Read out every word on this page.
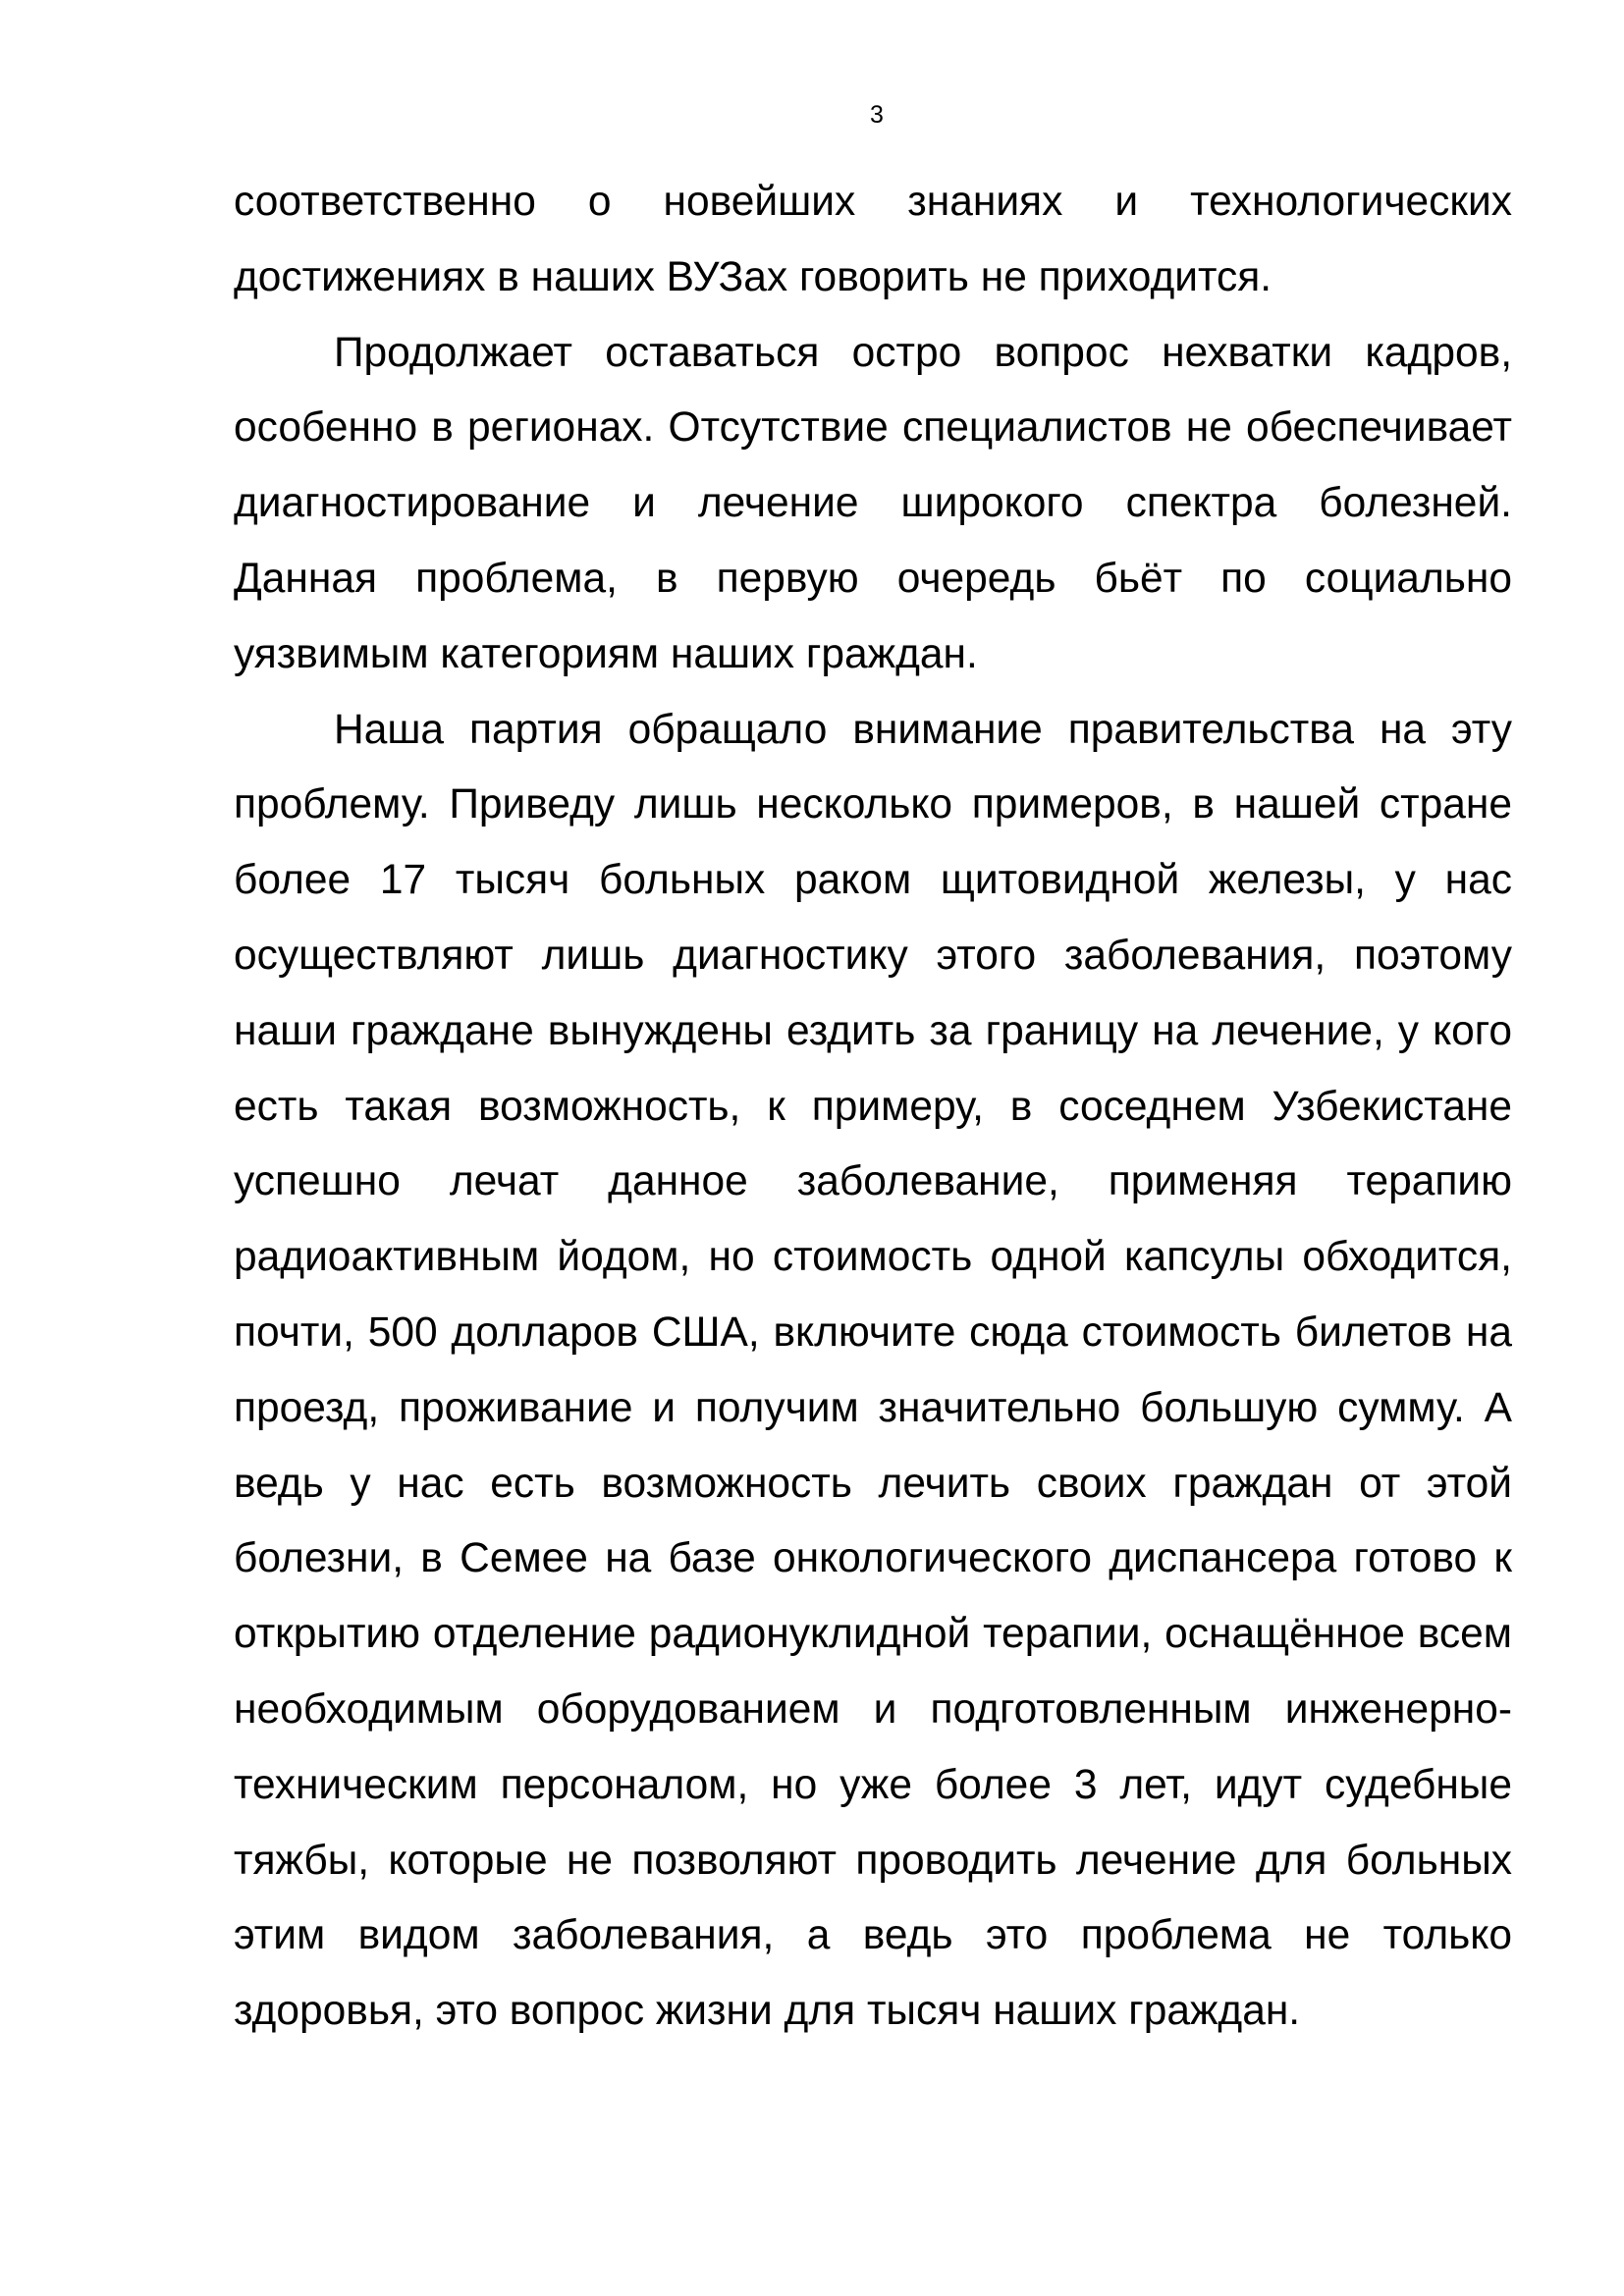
3

соответственно о новейших знаниях и технологических достижениях в наших ВУЗах говорить не приходится.

Продолжает оставаться остро вопрос нехватки кадров, особенно в регионах. Отсутствие специалистов не обеспечивает диагностирование и лечение широкого спектра болезней. Данная проблема, в первую очередь бьёт по социально уязвимым категориям наших граждан.

Наша партия обращало внимание правительства на эту проблему. Приведу лишь несколько примеров, в нашей стране более 17 тысяч больных раком щитовидной железы, у нас осуществляют лишь диагностику этого заболевания, поэтому наши граждане вынуждены ездить за границу на лечение, у кого есть такая возможность, к примеру, в соседнем Узбекистане успешно лечат данное заболевание, применяя терапию радиоактивным йодом, но стоимость одной капсулы обходится, почти, 500 долларов США, включите сюда стоимость билетов на проезд, проживание и получим значительно большую сумму. А ведь у нас есть возможность лечить своих граждан от этой болезни, в Семее на базе онкологического диспансера готово к открытию отделение радионуклидной терапии, оснащённое всем необходимым оборудованием и подготовленным инженерно-техническим персоналом, но уже более 3 лет, идут судебные тяжбы, которые не позволяют проводить лечение для больных этим видом заболевания, а ведь это проблема не только здоровья, это вопрос жизни для тысяч наших граждан.
